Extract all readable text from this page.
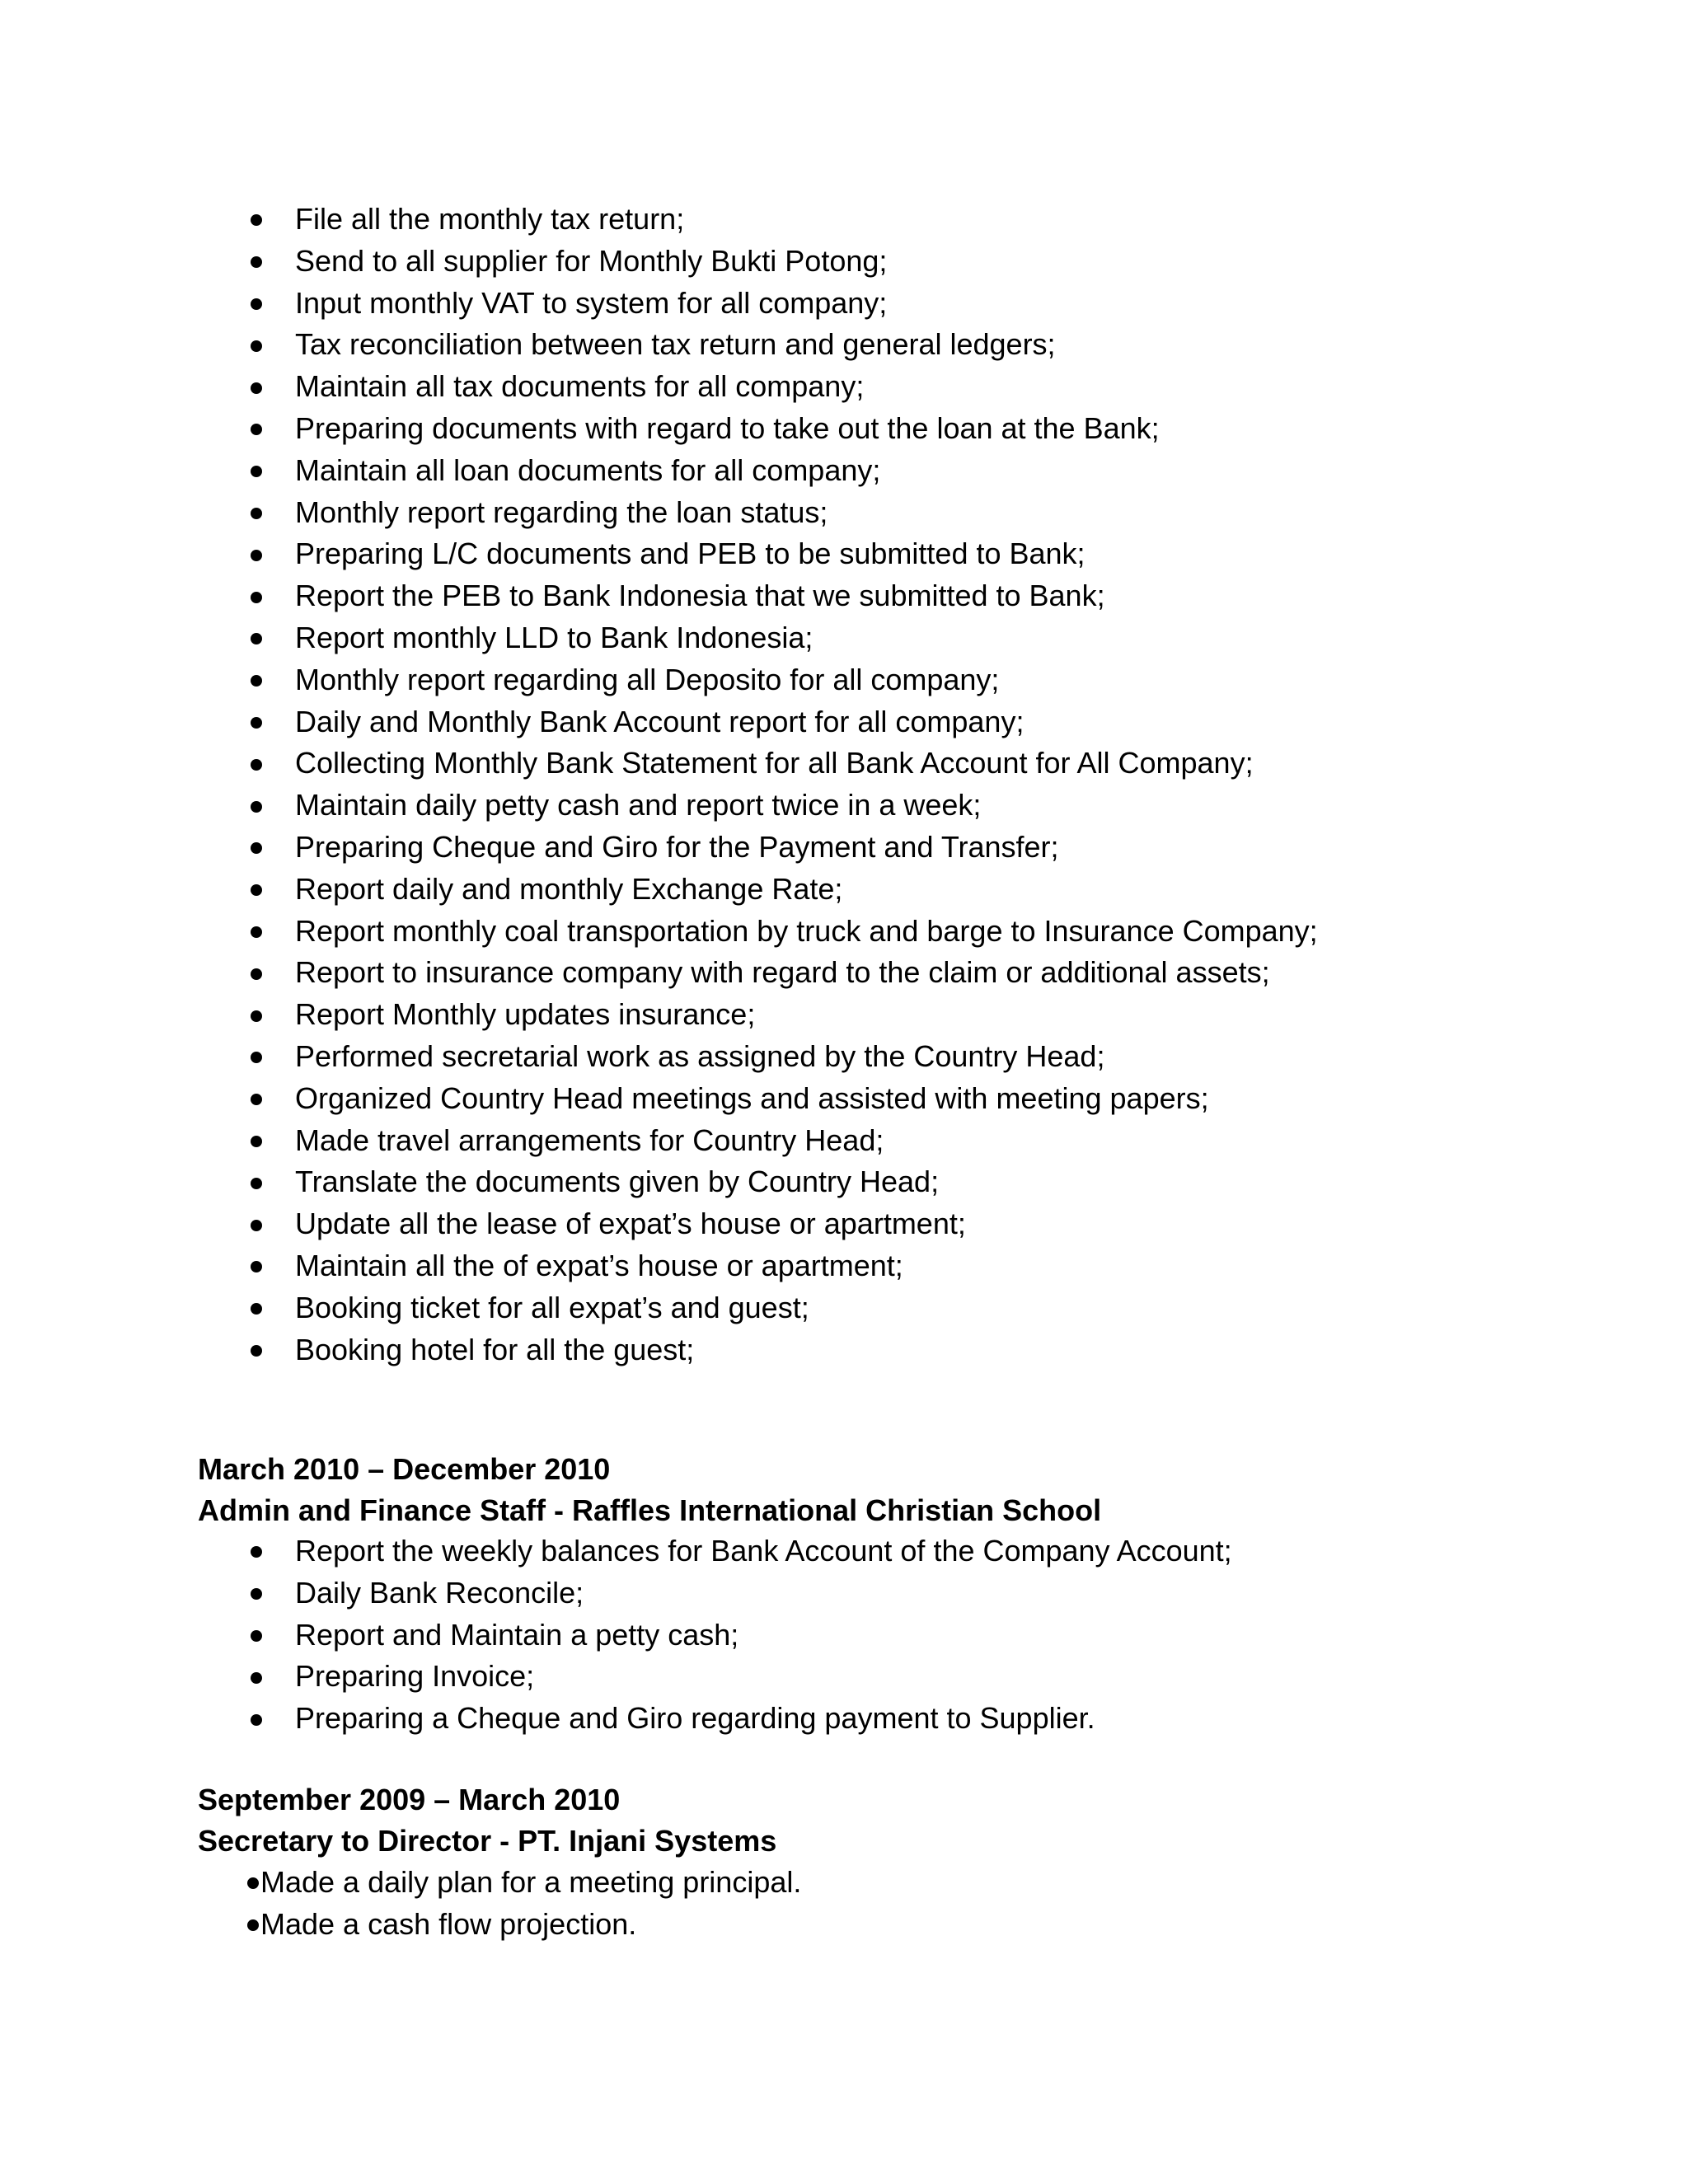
File all the monthly tax return;
Send to all supplier for Monthly Bukti Potong;
Input monthly VAT to system for all company;
Tax reconciliation between tax return and general ledgers;
Maintain all tax documents for all company;
Preparing documents with regard to take out the loan at the Bank;
Maintain all loan documents for all company;
Monthly report regarding the loan status;
Preparing L/C documents and PEB to be submitted to Bank;
Report the PEB to Bank Indonesia that we submitted to Bank;
Report monthly LLD to Bank Indonesia;
Monthly report regarding all Deposito for all company;
Daily and Monthly Bank Account report for all company;
Collecting Monthly Bank Statement for all Bank Account for All Company;
Maintain daily petty cash and report twice in a week;
Preparing Cheque and Giro for the Payment and Transfer;
Report daily and monthly Exchange Rate;
Report monthly coal transportation by truck and barge to Insurance Company;
Report to insurance company with regard to the claim or additional assets;
Report Monthly updates insurance;
Performed secretarial work as assigned by the Country Head;
Organized Country Head meetings and assisted with meeting papers;
Made travel arrangements for Country Head;
Translate the documents given by Country Head;
Update all the lease of expat’s house or apartment;
Maintain all the of expat’s house or apartment;
Booking ticket for all expat’s and guest;
Booking hotel for all the guest;
March 2010 – December 2010
Admin and Finance Staff - Raffles International Christian School
Report the weekly balances for Bank Account of the Company Account;
Daily Bank Reconcile;
Report and Maintain a petty cash;
Preparing Invoice;
Preparing a Cheque and Giro regarding payment to Supplier.
September 2009 – March 2010
Secretary to Director - PT. Injani Systems
Made a daily plan for a meeting principal.
Made a cash flow projection.
